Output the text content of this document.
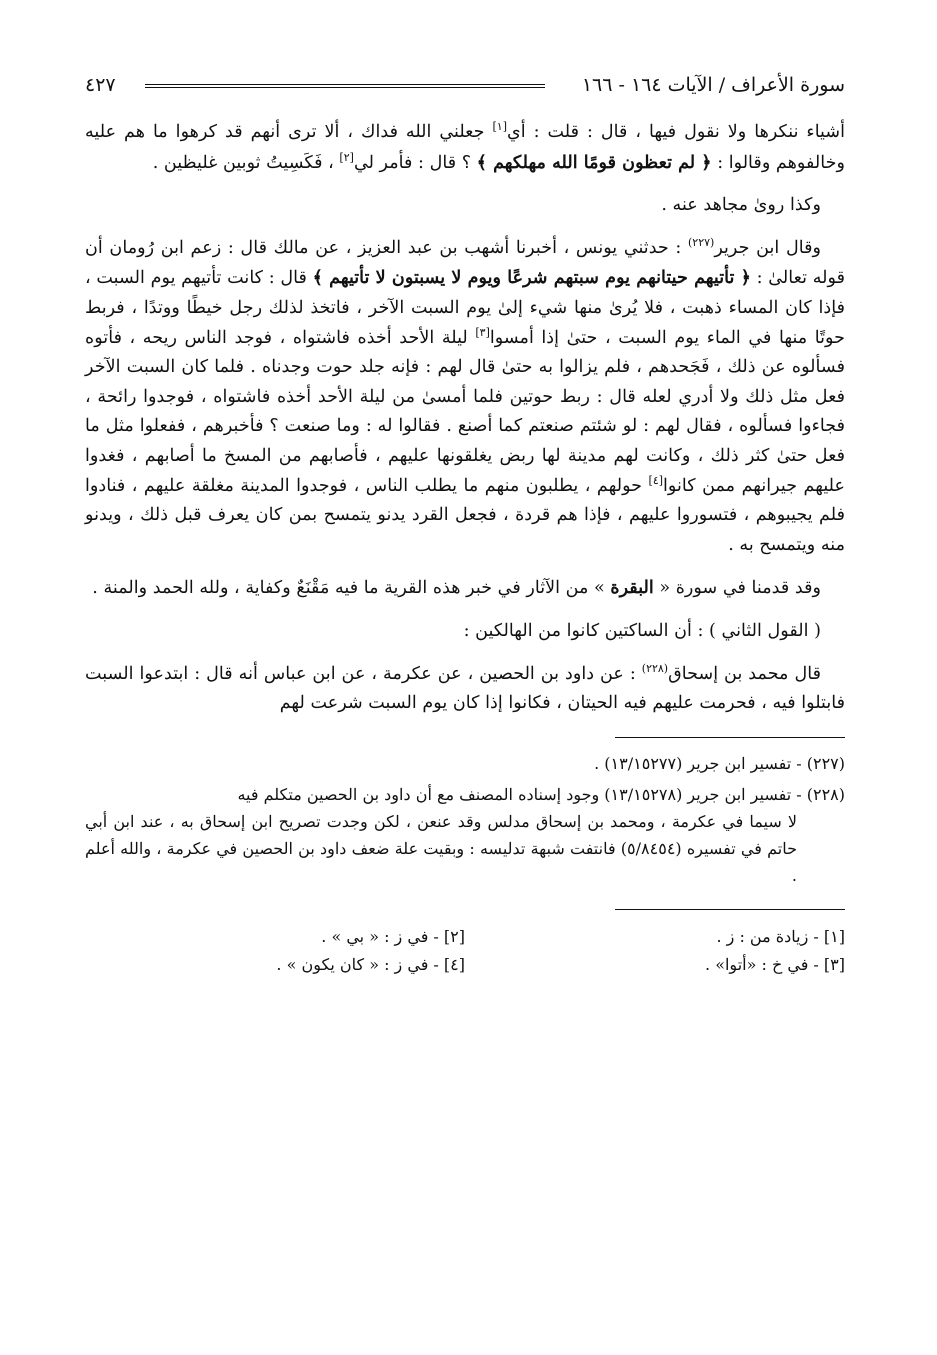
سورة الأعراف / الآيات ١٦٤ - ١٦٦
٤٢٧

أشياء ننكرها ولا نقول فيها ، قال : قلت : أي[١] جعلني الله فداك ، ألا ترى أنهم قد كرهوا ما هم عليه وخالفوهم وقالوا : ﴿ لم تعظون قومًا الله مهلكهم ﴾ ؟ قال : فأمر لي[٢] ، فَكَسِيتُ ثوبين غليظين .

وكذا روىٰ مجاهد عنه .

وقال ابن جرير$^{(٢٢٧)}$ : حدثني يونس ، أخبرنا أشهب بن عبد العزيز ، عن مالك قال : زعم ابن رُومان أن قوله تعالىٰ : ﴿ تأتيهم حيتانهم يوم سبتهم شرعًا ويوم لا يسبتون لا تأتيهم ﴾ قال : كانت تأتيهم يوم السبت ، فإذا كان المساء ذهبت ، فلا يُرىٰ منها شيء إلىٰ يوم السبت الآخر ، فاتخذ لذلك رجل خيطًا ووتدًا ، فربط حوتًا منها في الماء يوم السبت ، حتىٰ إذا أمسوا[٣] ليلة الأحد أخذه فاشتواه ، فوجد الناس ريحه ، فأتوه فسألوه عن ذلك ، فَجَحدهم ، فلم يزالوا به حتىٰ قال لهم : فإنه جلد حوت وجدناه . فلما كان السبت الآخر فعل مثل ذلك ولا أدري لعله قال : ربط حوتين فلما أمسىٰ من ليلة الأحد أخذه فاشتواه ، فوجدوا رائحة ، فجاءوا فسألوه ، فقال لهم : لو شئتم صنعتم كما أصنع . فقالوا له : وما صنعت ؟ فأخبرهم ، ففعلوا مثل ما فعل حتىٰ كثر ذلك ، وكانت لهم مدينة لها ربض يغلقونها عليهم ، فأصابهم من المسخ ما أصابهم ، فغدوا عليهم جيرانهم ممن كانوا[٤] حولهم ، يطلبون منهم ما يطلب الناس ، فوجدوا المدينة مغلقة عليهم ، فنادوا فلم يجيبوهم ، فتسوروا عليهم ، فإذا هم قردة ، فجعل القرد يدنو يتمسح بمن كان يعرف قبل ذلك ، ويدنو منه ويتمسح به .

وقد قدمنا في سورة « البقرة » من الآثار في خبر هذه القرية ما فيه مَقْنَعٌ وكفاية ، ولله الحمد والمنة .

( القول الثاني ) : أن الساكتين كانوا من الهالكين :

قال محمد بن إسحاق$^{(٢٢٨)}$ : عن داود بن الحصين ، عن عكرمة ، عن ابن عباس أنه قال : ابتدعوا السبت فابتلوا فيه ، فحرمت عليهم فيه الحيتان ، فكانوا إذا كان يوم السبت شرعت لهم

(٢٢٧) - تفسير ابن جرير (١٣/١٥٢٧٧) .

(٢٢٨) - تفسير ابن جرير (١٣/١٥٢٧٨) وجود إسناده المصنف مع أن داود بن الحصين متكلم فيه

لا سيما في عكرمة ، ومحمد بن إسحاق مدلس وقد عنعن ، لكن وجدت تصريح ابن إسحاق به ، عند ابن أبي حاتم في تفسيره (٥/٨٤٥٤) فانتفت شبهة تدليسه : وبقيت علة ضعف داود بن الحصين في عكرمة ، والله أعلم .

[١] - زيادة من : ز .
[٢] - في ز : « بي » .
[٣] - في خ : «أتوا» .
[٤] - في ز : « كان يكون » .
